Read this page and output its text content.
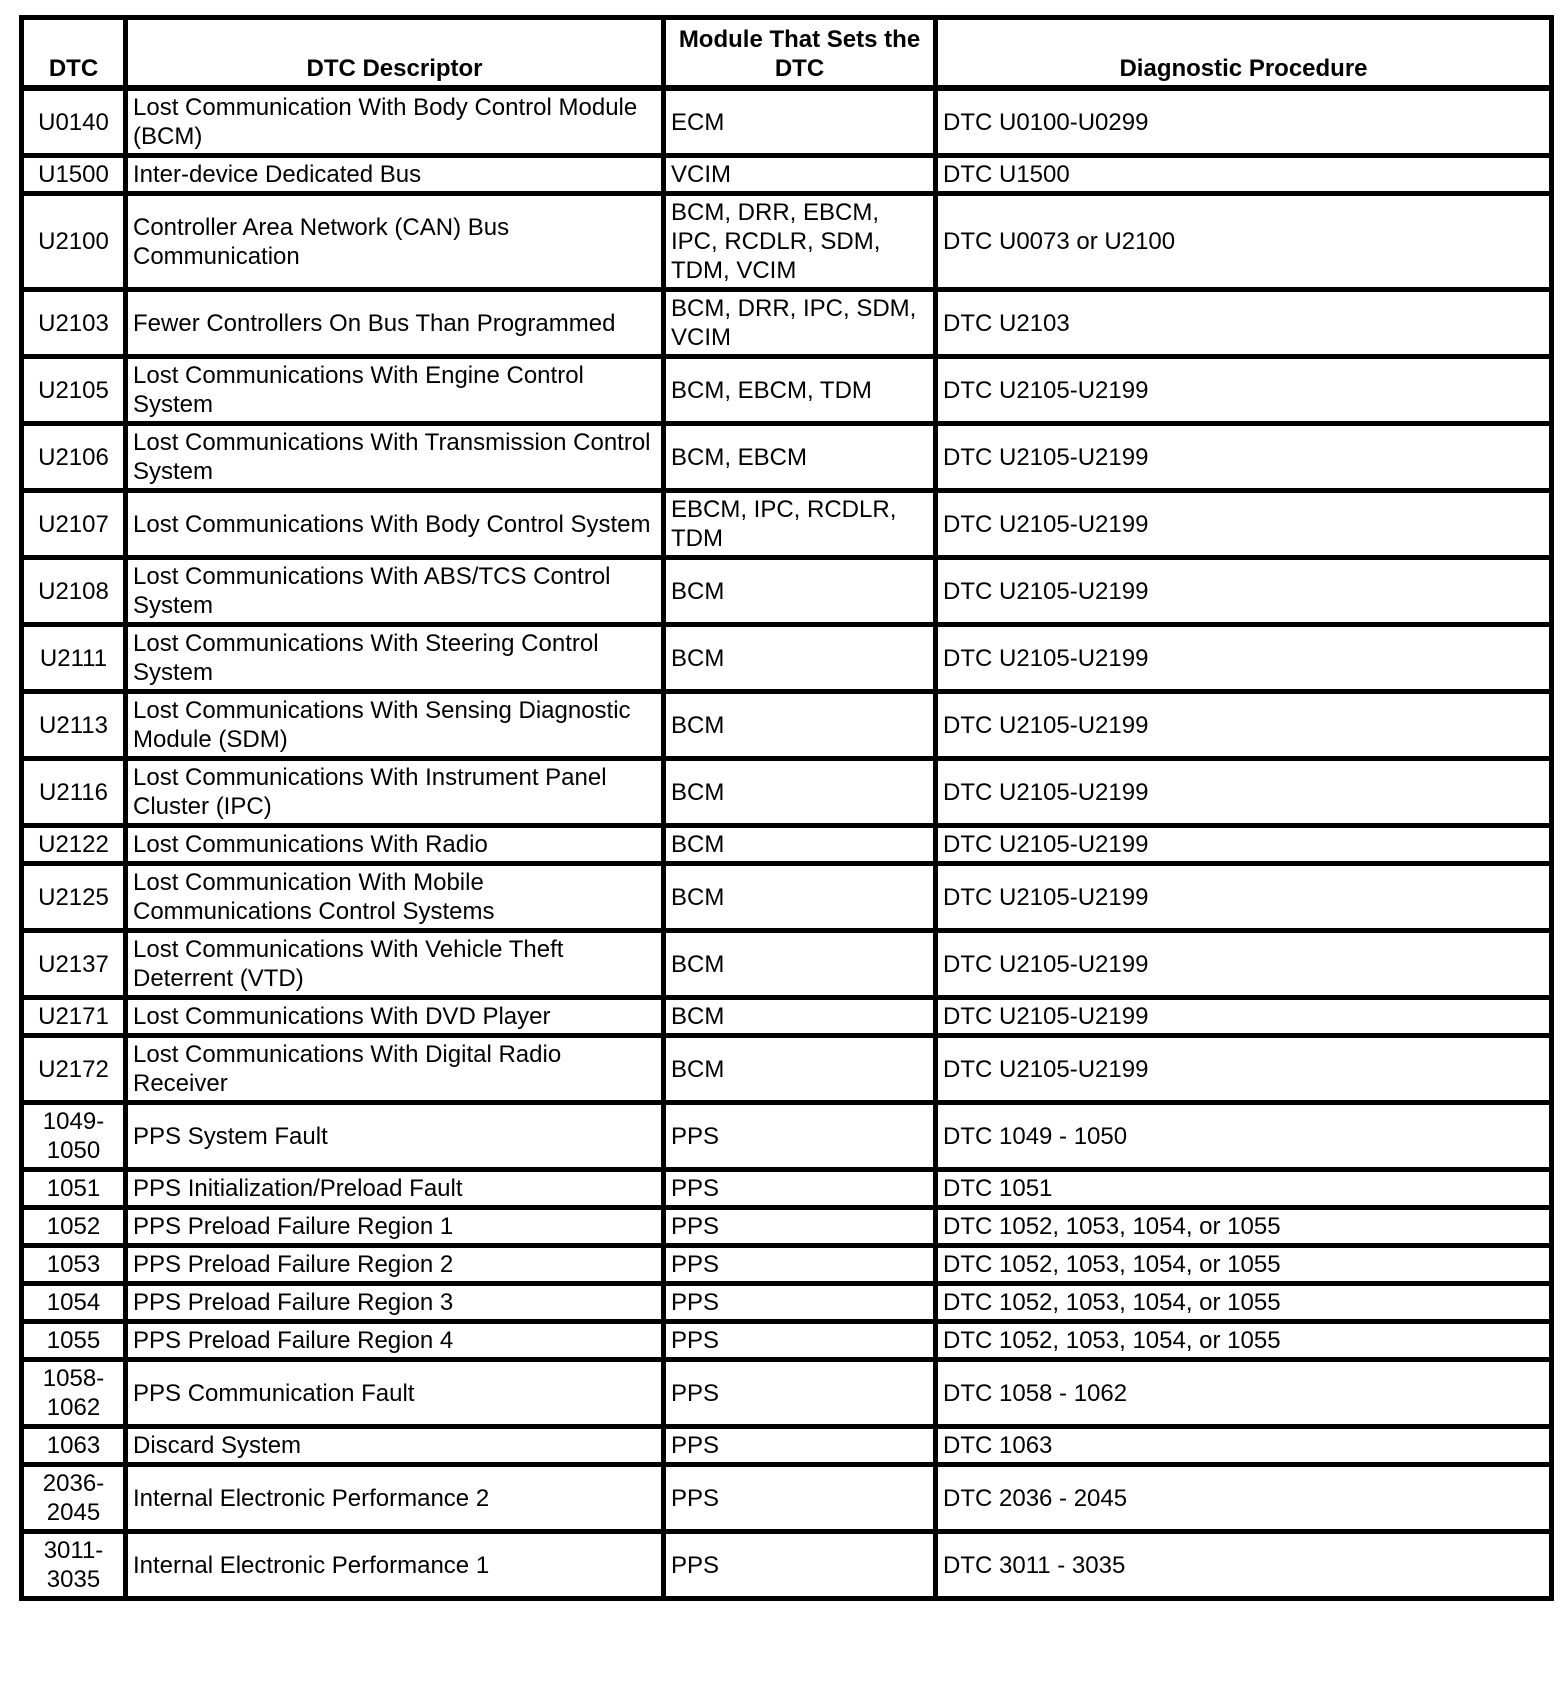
DTC	DTC Descriptor	Module That Sets the DTC	Diagnostic Procedure
U0140	Lost Communication With Body Control Module (BCM)	ECM	DTC U0100-U0299
U1500	Inter-device Dedicated Bus	VCIM	DTC U1500
U2100	Controller Area Network (CAN) Bus Communication	BCM, DRR, EBCM, IPC, RCDLR, SDM, TDM, VCIM	DTC U0073 or U2100
U2103	Fewer Controllers On Bus Than Programmed	BCM, DRR, IPC, SDM, VCIM	DTC U2103
U2105	Lost Communications With Engine Control System	BCM, EBCM, TDM	DTC U2105-U2199
U2106	Lost Communications With Transmission Control System	BCM, EBCM	DTC U2105-U2199
U2107	Lost Communications With Body Control System	EBCM, IPC, RCDLR, TDM	DTC U2105-U2199
U2108	Lost Communications With ABS/TCS Control System	BCM	DTC U2105-U2199
U2111	Lost Communications With Steering Control System	BCM	DTC U2105-U2199
U2113	Lost Communications With Sensing Diagnostic Module (SDM)	BCM	DTC U2105-U2199
U2116	Lost Communications With Instrument Panel Cluster (IPC)	BCM	DTC U2105-U2199
U2122	Lost Communications With Radio	BCM	DTC U2105-U2199
U2125	Lost Communication With Mobile Communications Control Systems	BCM	DTC U2105-U2199
U2137	Lost Communications With Vehicle Theft Deterrent (VTD)	BCM	DTC U2105-U2199
U2171	Lost Communications With DVD Player	BCM	DTC U2105-U2199
U2172	Lost Communications With Digital Radio Receiver	BCM	DTC U2105-U2199
1049-1050	PPS System Fault	PPS	DTC 1049 - 1050
1051	PPS Initialization/Preload Fault	PPS	DTC 1051
1052	PPS Preload Failure Region 1	PPS	DTC 1052, 1053, 1054, or 1055
1053	PPS Preload Failure Region 2	PPS	DTC 1052, 1053, 1054, or 1055
1054	PPS Preload Failure Region 3	PPS	DTC 1052, 1053, 1054, or 1055
1055	PPS Preload Failure Region 4	PPS	DTC 1052, 1053, 1054, or 1055
1058-1062	PPS Communication Fault	PPS	DTC 1058 - 1062
1063	Discard System	PPS	DTC 1063
2036-2045	Internal Electronic Performance 2	PPS	DTC 2036 - 2045
3011-3035	Internal Electronic Performance 1	PPS	DTC 3011 - 3035
